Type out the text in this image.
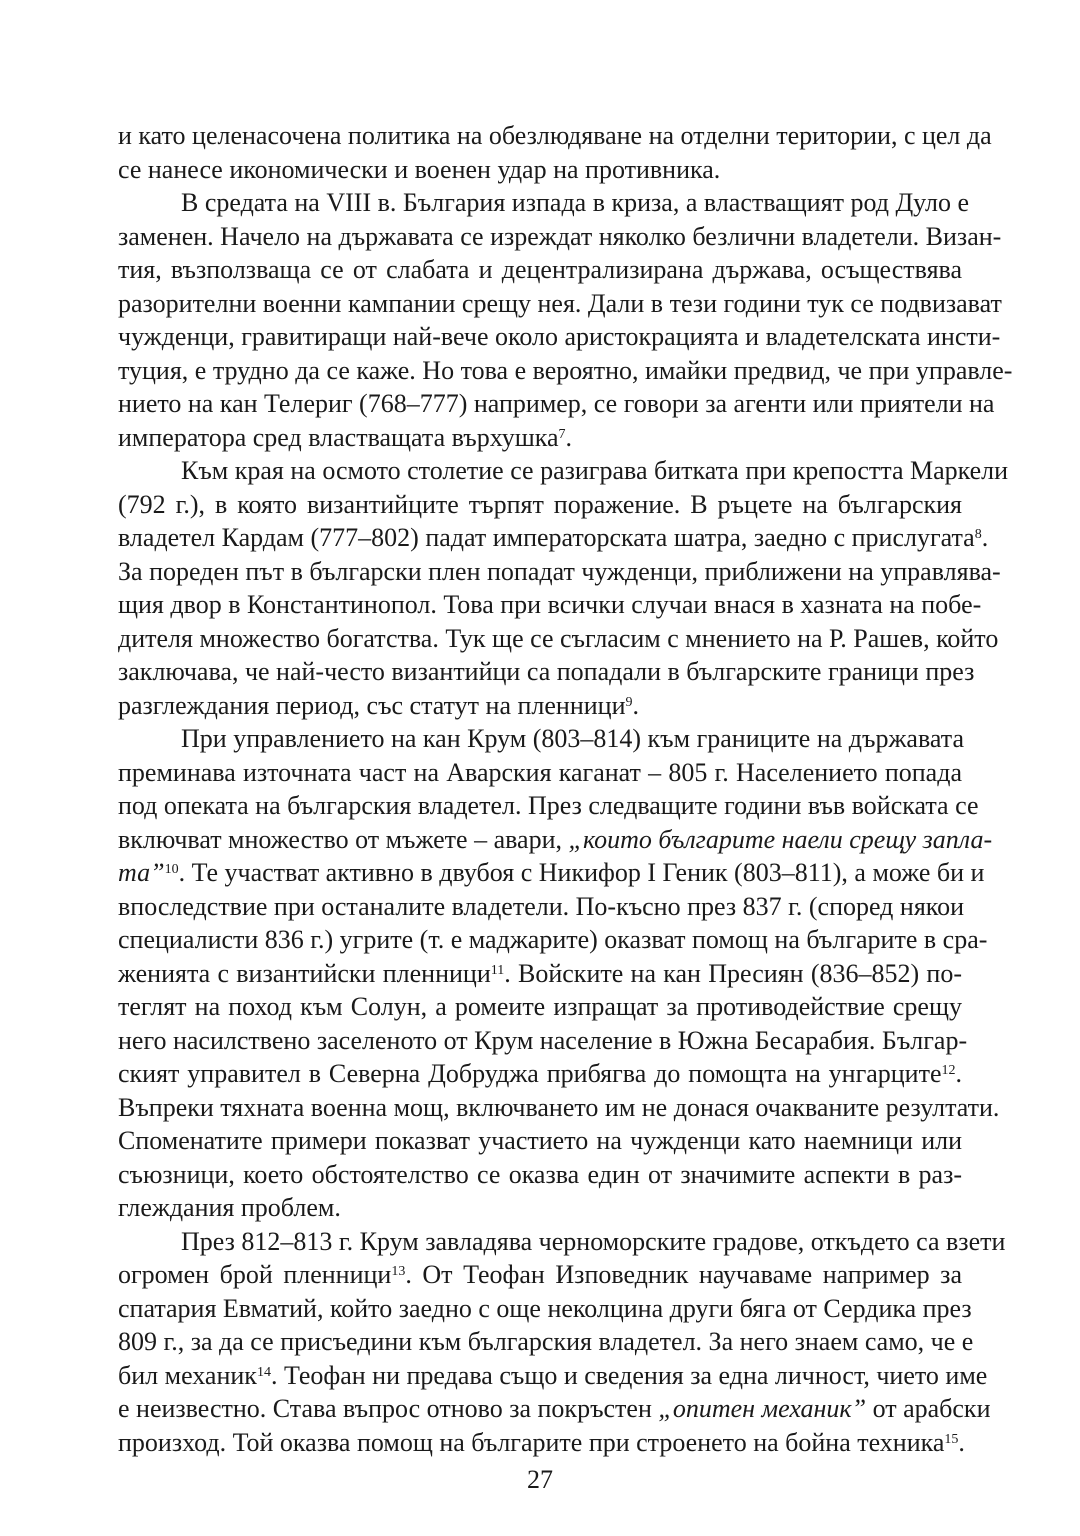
и като целенасочена политика на обезлюдяване на отделни територии, с цел да
се нанесе икономически и военен удар на противника.
В средата на VIII в. България изпада в криза, а властващият род Дуло е
заменен. Начело на държавата се изреждат няколко безлични владетели. Визан-
тия, възползваща се от слабата и децентрализирана държава, осъществява
разорителни военни кампании срещу нея. Дали в тези години тук се подвизават
чужденци, гравитиращи най-вече около аристокрацията и владетелската инсти-
туция, е трудно да се каже. Но това е вероятно, имайки предвид, че при управле-
нието на кан Телериг (768–777) например, се говори за агенти или приятели на
императора сред властващата върхушка$^7$.
Към края на осмото столетие се разиграва битката при крепостта Маркели
(792 г.), в която византийците търпят поражение. В ръцете на българския
владетел Кардам (777–802) падат императорската шатра, заедно с прислугата$^8$.
За пореден път в български плен попадат чужденци, приближени на управлява-
щия двор в Константинопол. Това при всички случаи внася в хазната на побе-
дителя множество богатства. Тук ще се съгласим с мнението на Р. Рашев, който
заключава, че най-често византийци са попадали в българските граници през
разглеждания период, със статут на пленници$^9$.
При управлението на кан Крум (803–814) към границите на държавата
преминава източната част на Аварския каганат – 805 г. Населението попада
под опеката на българския владетел. През следващите години във войската се
включват множество от мъжете – авари, „които българите наели срещу запла-
та”$^{10}$. Те участват активно в двубоя с Никифор І Геник (803–811), а може би и
впоследствие при останалите владетели. По-късно през 837 г. (според някои
специалисти 836 г.) угрите (т. е маджарите) оказват помощ на българите в сра-
женията с византийски пленници$^{11}$. Войските на кан Пресиян (836–852) по-
теглят на поход към Солун, а ромеите изпращат за противодействие срещу
него насилствено заселеното от Крум население в Южна Бесарабия. Българ-
ският управител в Северна Добруджа прибягва до помощта на унгарците$^{12}$.
Въпреки тяхната военна мощ, включването им не донася очакваните резултати.
Споменатите примери показват участието на чужденци като наемници или
съюзници, което обстоятелство се оказва един от значимите аспекти в раз-
глеждания проблем.
През 812–813 г. Крум завладява черноморските градове, откъдето са взети
огромен брой пленници$^{13}$. От Теофан Изповедник научаваме например за
спатария Евматий, който заедно с още неколцина други бяга от Сердика през
809 г., за да се присъедини към българския владетел. За него знаем само, че е
бил механик$^{14}$. Теофан ни предава също и сведения за една личност, чието име
е неизвестно. Става въпрос отново за покръстен „опитен механик” от арабски
произход. Той оказва помощ на българите при строенето на бойна техника$^{15}$.
27
